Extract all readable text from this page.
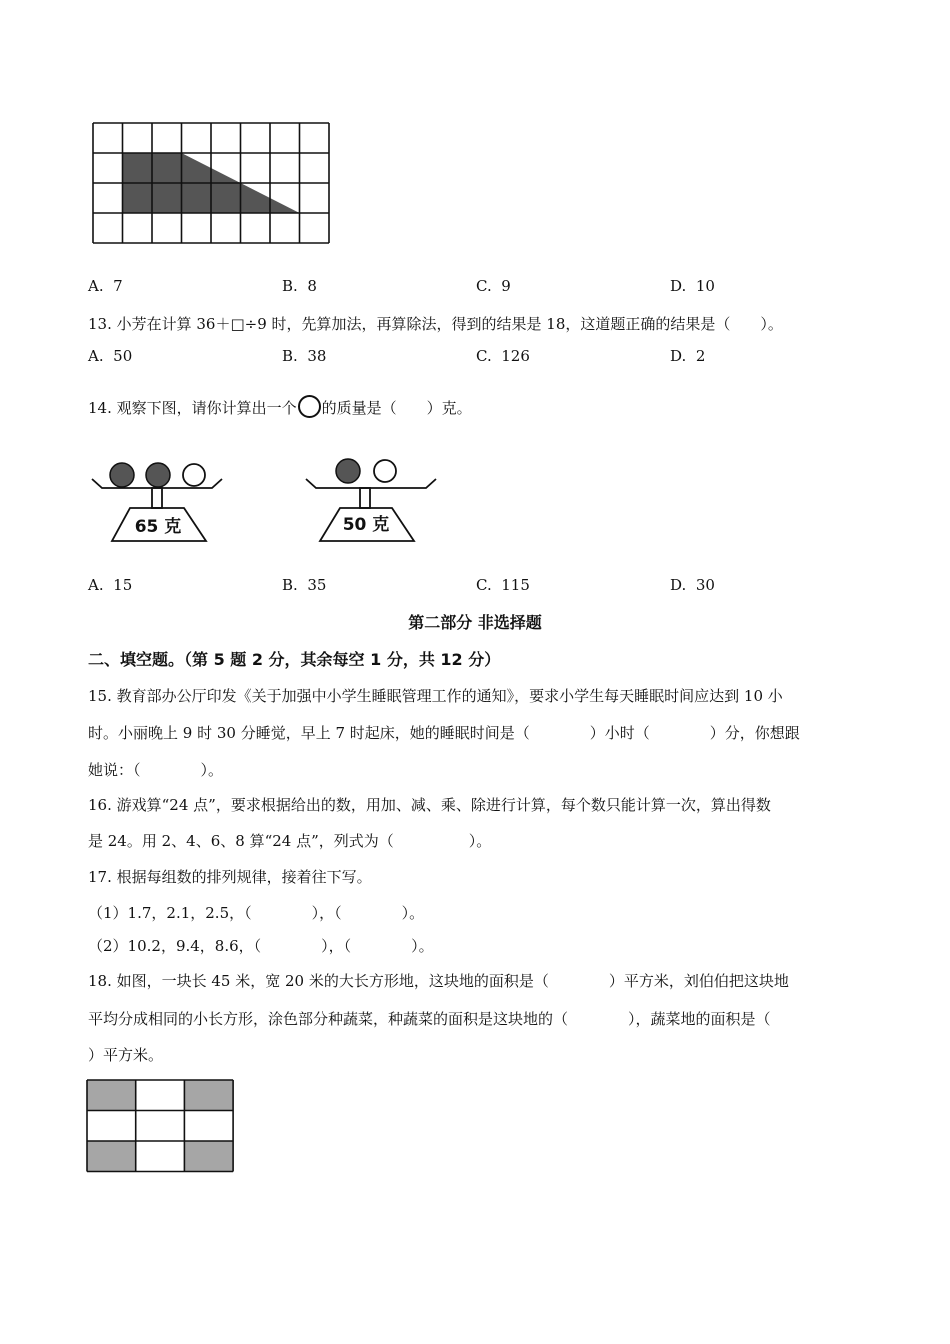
A. 7	B. 8	C. 9	D. 10
13. 小芳在计算 36＋□÷9 时，先算加法，再算除法，得到的结果是 18，这道题正确的结果是（　　）。
A. 50	B. 38	C. 126	D. 2
14. 观察下图，请你计算出一个 的质量是（　　）克。
65 克	50 克
A. 15	B. 35	C. 115	D. 30
第二部分 非选择题
二、填空题。（第 5 题 2 分，其余每空 1 分，共 12 分）
15. 教育部办公厅印发《关于加强中小学生睡眠管理工作的通知》，要求小学生每天睡眠时间应达到 10 小
时。小丽晚上 9 时 30 分睡觉，早上 7 时起床，她的睡眠时间是（　　　　）小时（　　　　）分，你想跟
她说：（　　　　）。
16. 游戏算“24 点”，要求根据给出的数，用加、减、乘、除进行计算，每个数只能计算一次，算出得数
是 24。用 2、4、6、8 算“24 点”，列式为（　　　　　）。
17. 根据每组数的排列规律，接着往下写。
（1）1.7，2.1，2.5，（　　　　），（　　　　）。
（2）10.2，9.4，8.6，（　　　　），（　　　　）。
18. 如图，一块长 45 米，宽 20 米的大长方形地，这块地的面积是（　　　　）平方米，刘伯伯把这块地
平均分成相同的小长方形，涂色部分种蔬菜，种蔬菜的面积是这块地的（　　　　），蔬菜地的面积是（
）平方米。
